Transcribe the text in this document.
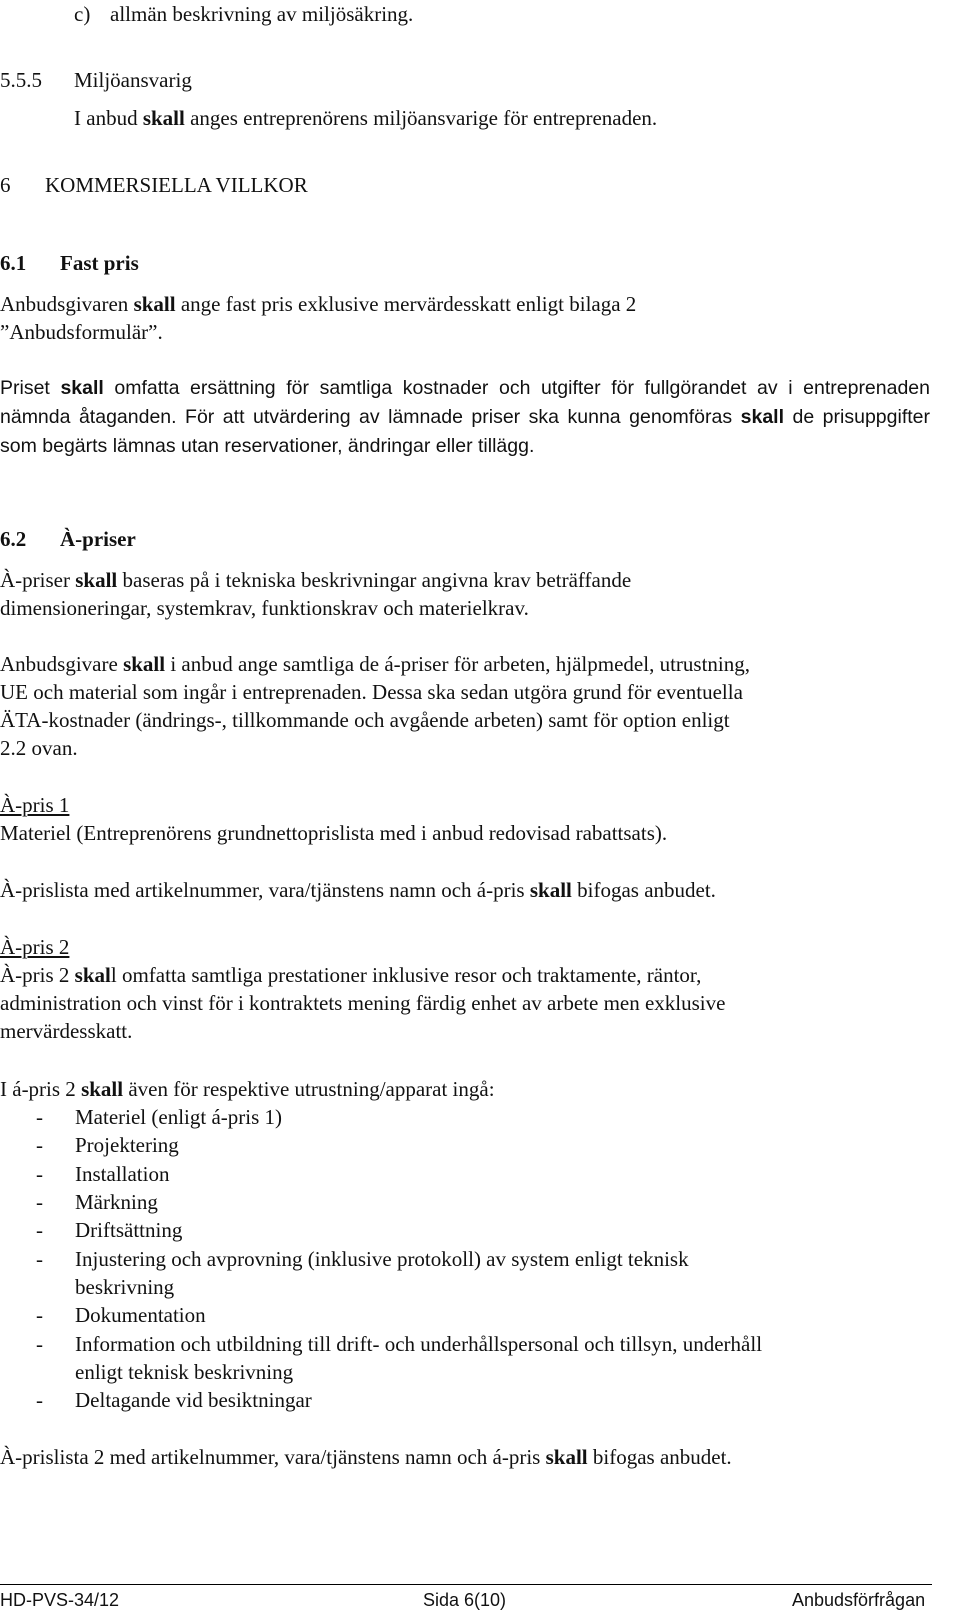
c) allmän beskrivning av miljösäkring.
5.5.5 Miljöansvarig
I anbud skall anges entreprenörens miljöansvarige för entreprenaden.
6 KOMMERSIELLA VILLKOR
6.1 Fast pris
Anbudsgivaren skall ange fast pris exklusive mervärdesskatt enligt bilaga 2
”Anbudsformulär”.
Priset skall omfatta ersättning för samtliga kostnader och utgifter för fullgörandet av i entreprenaden nämnda åtaganden. För att utvärdering av lämnade priser ska kunna genomföras skall de prisuppgifter som begärts lämnas utan reservationer, ändringar eller tillägg.
6.2 À-priser
À-priser skall baseras på i tekniska beskrivningar angivna krav beträffande
dimensioneringar, systemkrav, funktionskrav och materielkrav.
Anbudsgivare skall i anbud ange samtliga de á-priser för arbeten, hjälpmedel, utrustning,
UE och material som ingår i entreprenaden. Dessa ska sedan utgöra grund för eventuella
ÄTA-kostnader (ändrings-, tillkommande och avgående arbeten) samt för option enligt
2.2 ovan.
À-pris 1
Materiel (Entreprenörens grundnettoprislista med i anbud redovisad rabattsats).
À-prislista med artikelnummer, vara/tjänstens namn och á-pris skall bifogas anbudet.
À-pris 2
À-pris 2 skall omfatta samtliga prestationer inklusive resor och traktamente, räntor,
administration och vinst för i kontraktets mening färdig enhet av arbete men exklusive
mervärdesskatt.
I á-pris 2 skall även för respektive utrustning/apparat ingå:
- Materiel (enligt á-pris 1)
- Projektering
- Installation
- Märkning
- Driftsättning
- Injustering och avprovning (inklusive protokoll) av system enligt teknisk
beskrivning
- Dokumentation
- Information och utbildning till drift- och underhållspersonal och tillsyn, underhåll
enligt teknisk beskrivning
- Deltagande vid besiktningar
À-prislista 2 med artikelnummer, vara/tjänstens namn och á-pris skall bifogas anbudet.
HD-PVS-34/12	Sida 6(10)	Anbudsförfrågan
